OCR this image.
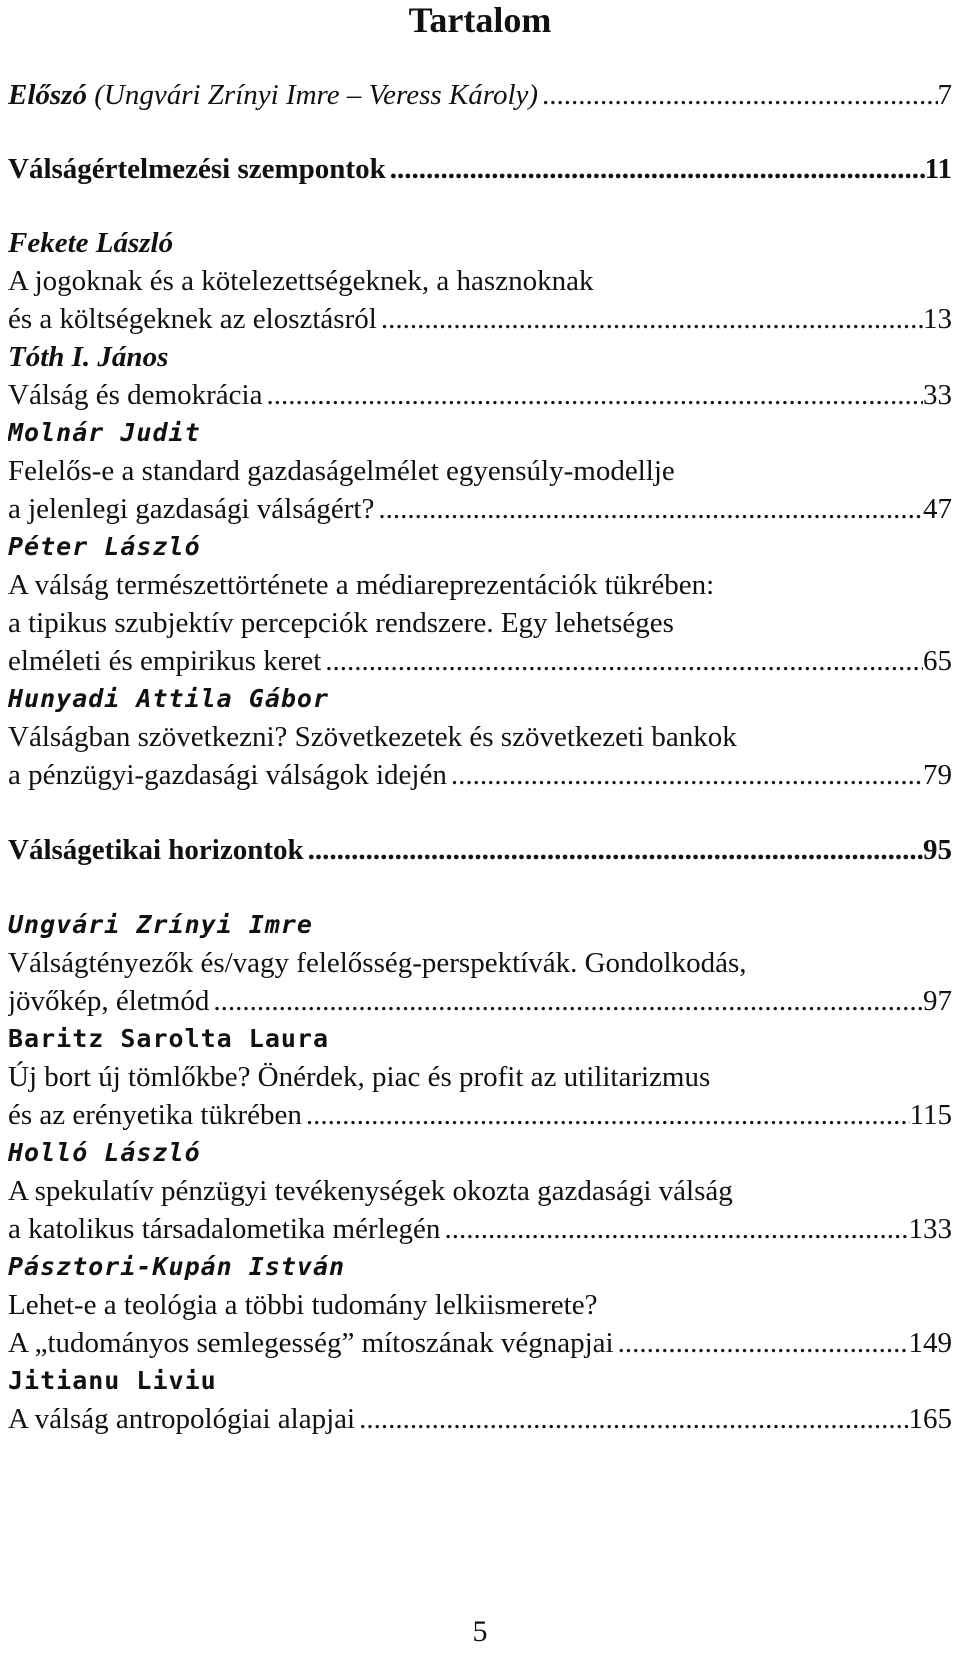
Tartalom
Előszó (Ungvári Zrínyi Imre – Veress Károly) .....	7
Válságértelmezési szempontok .....	11
Fekete László
A jogoknak és a kötelezettségeknek, a hasznoknak
és a költségeknek az elosztásról .....	13
Tóth I. János
Válság és demokrácia .....	33
Molnár Judit
Felelős-e a standard gazdaságelmélet egyensúly-modellje
a jelenlegi gazdasági válságért? .....	47
Péter László
A válság természettörténete a médiareprezentációk tükrében:
a tipikus szubjektív percepciók rendszere. Egy lehetséges
elméleti és empirikus keret .....	65
Hunyadi Attila Gábor
Válságban szövetkezni? Szövetkezetek és szövetkezeti bankok
a pénzügyi-gazdasági válságok idején .....	79
Válságetikai horizontok .....	95
Ungvári Zrínyi Imre
Válságtényezők és/vagy felelősség-perspektívák. Gondolkodás,
jövőkép, életmód .....	97
Baritz Sarolta Laura
Új bort új tömlőkbe? Önérdek, piac és profit az utilitarizmus
és az erényetika tükrében .....	115
Holló László
A spekulatív pénzügyi tevékenységek okozta gazdasági válság
a katolikus társadalometika mérlegén .....	133
Pásztori-Kupán István
Lehet-e a teológia a többi tudomány lelkiismerete?
A „tudományos semlegesség” mítoszának végnapjai .....	149
Jitianu Liviu
A válság antropológiai alapjai .....	165
5
